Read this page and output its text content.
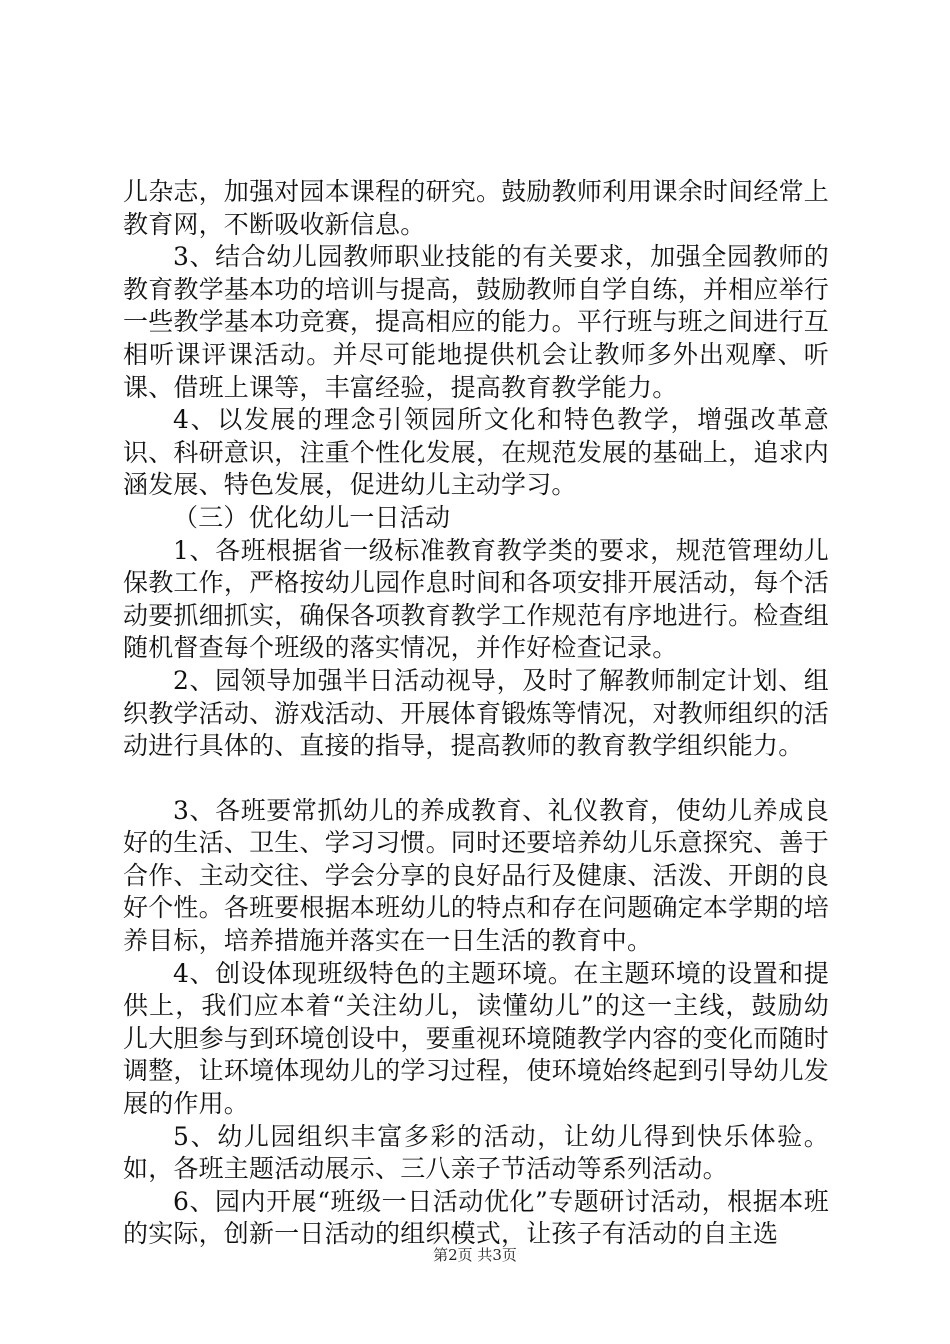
儿杂志，加强对园本课程的研究。鼓励教师利用课余时间经常上教育网，不断吸收新信息。

3、结合幼儿园教师职业技能的有关要求，加强全园教师的教育教学基本功的培训与提高，鼓励教师自学自练，并相应举行一些教学基本功竞赛，提高相应的能力。平行班与班之间进行互相听课评课活动。并尽可能地提供机会让教师多外出观摩、听课、借班上课等，丰富经验，提高教育教学能力。

4、以发展的理念引领园所文化和特色教学，增强改革意识、科研意识，注重个性化发展，在规范发展的基础上，追求内涵发展、特色发展，促进幼儿主动学习。

（三）优化幼儿一日活动

1、各班根据省一级标准教育教学类的要求，规范管理幼儿保教工作，严格按幼儿园作息时间和各项安排开展活动，每个活动要抓细抓实，确保各项教育教学工作规范有序地进行。检查组随机督查每个班级的落实情况，并作好检查记录。

2、园领导加强半日活动视导，及时了解教师制定计划、组织教学活动、游戏活动、开展体育锻炼等情况，对教师组织的活动进行具体的、直接的指导，提高教师的教育教学组织能力。

3、各班要常抓幼儿的养成教育、礼仪教育，使幼儿养成良好的生活、卫生、学习习惯。同时还要培养幼儿乐意探究、善于合作、主动交往、学会分享的良好品行及健康、活泼、开朗的良好个性。各班要根据本班幼儿的特点和存在问题确定本学期的培养目标，培养措施并落实在一日生活的教育中。

4、创设体现班级特色的主题环境。在主题环境的设置和提供上，我们应本着“关注幼儿，读懂幼儿”的这一主线，鼓励幼儿大胆参与到环境创设中，要重视环境随教学内容的变化而随时调整，让环境体现幼儿的学习过程，使环境始终起到引导幼儿发展的作用。

5、幼儿园组织丰富多彩的活动，让幼儿得到快乐体验。如，各班主题活动展示、三八亲子节活动等系列活动。

6、园内开展“班级一日活动优化”专题研讨活动，根据本班的实际，创新一日活动的组织模式，让孩子有活动的自主选

第2页 共3页
